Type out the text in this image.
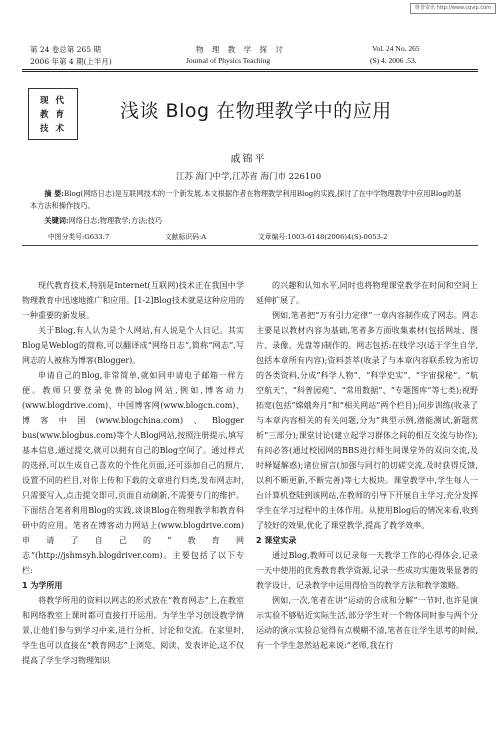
维普资讯 http://www.cqvip.com
第 24 卷总第 265 期
2006 年第 4 期(上半月)
物 理 教 学 探 讨
Journal of Physics Teaching
Vol. 24 No. 265
(S) 4. 2006 .53.
现 代
教 育
技 术
浅谈 Blog 在物理教学中的应用
戚锦平
江苏 海门中学,江苏省 海门市 226100
摘 要:Blog(网络日志)是互联网技术的一个新发展,本文根据作者在物理教学利用Blog的实践,探讨了在中学物理教学中应用Blog的基本方法和操作技巧。
关键词:网络日志;物理教学;方法;技巧
中图分类号:G633.7	文献标识码:A	文章编号:1003-6148(2006)4(S)-0053-2

现代教育技术,特别是Internet(互联网)技术正在我国中学物理教育中迅速地推广和应用。[1-2]Blog技术就是这种应用的一种重要的新发展。

关于Blog,有人认为是个人网站,有人说是个人日记。其实Blog是Weblog的简称,可以翻译成“网络日志”,简称“网志”,写网志的人被称为博客(Blogger)。

申请自己的Blog,非常简单,就如同申请电子邮箱一样方便。教师只要登录免费的blog网站,例如,博客动力(www.blogdrive.com)、中国博客网(www.blogcn.com)、博客中国(www.blogchina.com)、Blogger bus(www.blogbus.com)等个人Blog网站,按照注册提示,填写基本信息,通过提交,就可以拥有自己的Blog空间了。通过样式的选择,可以生成自己喜欢的个性化页面,还可添加自己的照片,设置不同的栏目,对你上传和下载的文章进行归类,发布网志时,只需要写入,点击提交即可,页面自动刷新,不需要专门的维护。下面结合笔者利用Blog的实践,谈谈Blog在物理教学和教育科研中的应用。笔者在博客动力网站上(www.blogdrive.com)申请了自己的“教育网志”(http://jshmsyh.blogdriver.com)。主要包括了以下专栏:

1 为学所用

将教学所用的资料以网志的形式放在“教育网志”上,在教室和网络教室上课时都可直接打开运用。为学生学习创设教学情景,让他们参与到学习中来,进行分析、讨论和交流。在家里时,学生也可以直接在“教育网志”上浏览、阅读、发表评论,这不仅提高了学生学习物理知识

的兴趣和认知水平,同时也将物理课堂教学在时间和空间上延伸扩展了。

例如,笔者把“万有引力定律”一章内容制作成了网志。网志主要是以教材内容为基础,笔者多方面收集素材(包括网址、图片、录像、光盘等)制作的。网志包括:在线学习(适于学生自学,包括本章所有内容);资料荟萃(收录了与本章内容联系较为密切的各类资料,分成“科学人物”、“科学史实”、“宇宙探秘”、“航空航天”、“科普园苑”、“常用数据”、“专题图库”等七类);视野拓宽(包括“嫦娥奔月”和“相关网站”两个栏目);同步训练(收录了与本章内容相关的有关问题,分为“典型示例,潜能测试,新题赏析”三部分);课堂讨论(建立起学习群体之间的相互交流与协作);有问必答(通过校园网的BBS进行师生间课堂外的双向交流,及时释疑解惑);诸位留言(加强与同行的切磋交流,及时获得反馈,以利不断更新,不断完善)等七大板块。课堂教学中,学生每人一台计算机登陆到该网站,在教师的引导下开展自主学习,充分发挥学生在学习过程中的主体作用。从使用Blog后的情况来看,收到了较好的效果,优化了课堂教学,提高了教学效率。

2 课堂实录

通过Blog,教师可以记录每一天教学工作的心得体会,记录一天中使用的优秀教育教学资源,记录一些成功实施效果显著的教学设计、记录教学中运用得恰当的教学方法和教学策略。

例如,一次,笔者在讲“运动的合成和分解”一节时,也许是演示实验不够贴近实际生活,部分学生对一个物体同时参与两个分运动的演示实验总觉得有点模糊不清,笔者在让学生思考的时候,有一个学生忽然站起来说:“老师,我在行
